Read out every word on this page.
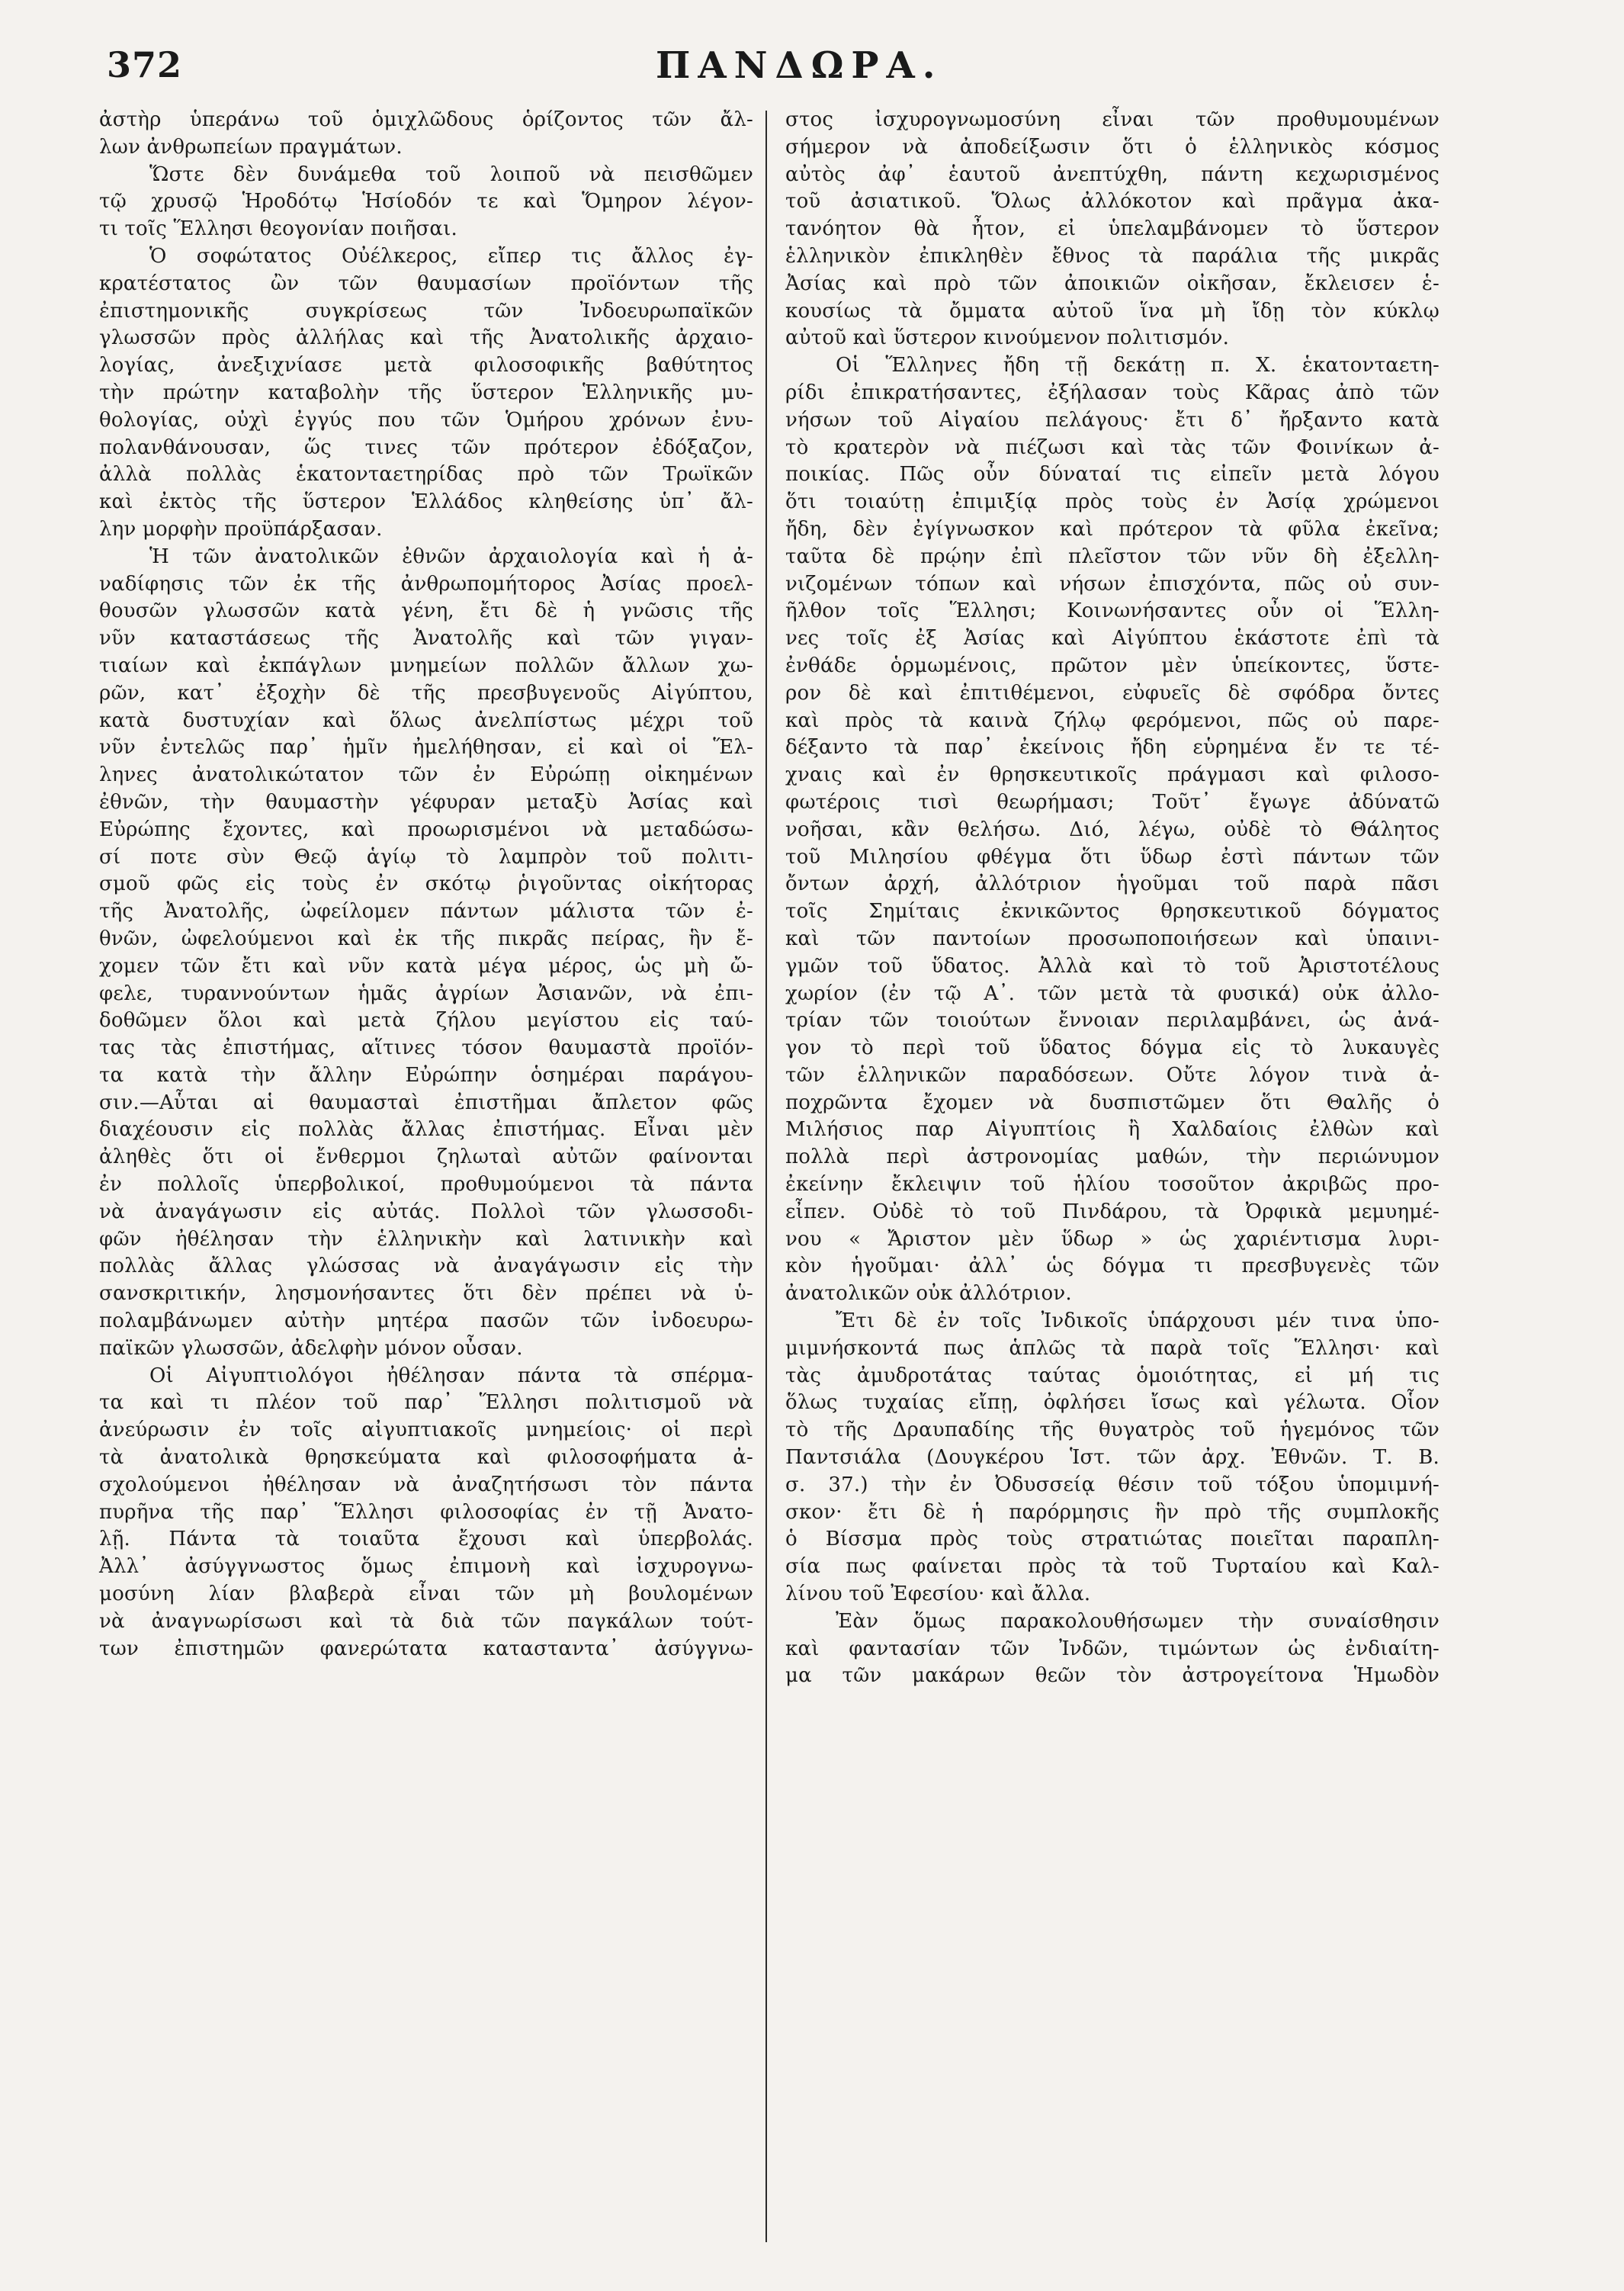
372	ΠΑΝΔΩΡΑ.
ἀστὴρ ὑπεράνω τοῦ ὁμιχλῶδους ὁρίζοντος τῶν ἄλ-
λων ἀνθρωπείων πραγμάτων.
Ὥστε δὲν δυνάμεθα τοῦ λοιποῦ νὰ πεισθῶμεν
τῷ χρυσῷ Ἡροδότῳ Ἡσίοδόν τε καὶ Ὅμηρον λέγον-
τι τοῖς Ἕλλησι θεογονίαν ποιῆσαι.
Ὁ σοφώτατος Οὐέλκερος, εἴπερ τις ἄλλος ἐγ-
κρατέστατος ὢν τῶν θαυμασίων προϊόντων τῆς
ἐπιστημονικῆς συγκρίσεως τῶν Ἰνδοευρωπαϊκῶν
γλωσσῶν πρὸς ἀλλήλας καὶ τῆς Ἀνατολικῆς ἀρχαιο-
λογίας, ἀνεξιχνίασε μετὰ φιλοσοφικῆς βαθύτητος
τὴν πρώτην καταβολὴν τῆς ὕστερον Ἑλληνικῆς μυ-
θολογίας, οὐχὶ ἐγγύς που τῶν Ὁμήρου χρόνων ἐνυ-
πολανθάνουσαν, ὥς τινες τῶν πρότερον ἐδόξαζον,
ἀλλὰ πολλὰς ἑκατονταετηρίδας πρὸ τῶν Τρωϊκῶν
καὶ ἐκτὸς τῆς ὕστερον Ἑλλάδος κληθείσης ὑπ᾽ ἄλ-
λην μορφὴν προϋπάρξασαν.
Ἡ τῶν ἀνατολικῶν ἐθνῶν ἀρχαιολογία καὶ ἡ ἀ-
ναδίφησις τῶν ἐκ τῆς ἀνθρωπομήτορος Ἀσίας προελ-
θουσῶν γλωσσῶν κατὰ γένη, ἔτι δὲ ἡ γνῶσις τῆς
νῦν καταστάσεως τῆς Ἀνατολῆς καὶ τῶν γιγαν-
τιαίων καὶ ἐκπάγλων μνημείων πολλῶν ἄλλων χω-
ρῶν, κατ᾽ ἐξοχὴν δὲ τῆς πρεσβυγενοῦς Αἰγύπτου,
κατὰ δυστυχίαν καὶ ὅλως ἀνελπίστως μέχρι τοῦ
νῦν ἐντελῶς παρ᾽ ἡμῖν ἠμελήθησαν, εἰ καὶ οἱ Ἕλ-
ληνες ἀνατολικώτατον τῶν ἐν Εὐρώπῃ οἰκημένων
ἐθνῶν, τὴν θαυμαστὴν γέφυραν μεταξὺ Ἀσίας καὶ
Εὐρώπης ἔχοντες, καὶ προωρισμένοι νὰ μεταδώσω-
σί ποτε σὺν Θεῷ ἁγίῳ τὸ λαμπρὸν τοῦ πολιτι-
σμοῦ φῶς εἰς τοὺς ἐν σκότῳ ῥιγοῦντας οἰκήτορας
τῆς Ἀνατολῆς, ὠφείλομεν πάντων μάλιστα τῶν ἐ-
θνῶν, ὠφελούμενοι καὶ ἐκ τῆς πικρᾶς πείρας, ἣν ἔ-
χομεν τῶν ἔτι καὶ νῦν κατὰ μέγα μέρος, ὡς μὴ ὤ-
φελε, τυραννούντων ἡμᾶς ἀγρίων Ἀσιανῶν, νὰ ἐπι-
δοθῶμεν ὅλοι καὶ μετὰ ζήλου μεγίστου εἰς ταύ-
τας τὰς ἐπιστήμας, αἵτινες τόσον θαυμαστὰ προϊόν-
τα κατὰ τὴν ἄλλην Εὐρώπην ὁσημέραι παράγου-
σιν.—Αὗται αἱ θαυμασταὶ ἐπιστῆμαι ἄπλετον φῶς
διαχέουσιν εἰς πολλὰς ἄλλας ἐπιστήμας. Εἶναι μὲν
ἀληθὲς ὅτι οἱ ἔνθερμοι ζηλωταὶ αὐτῶν φαίνονται
ἐν πολλοῖς ὑπερβολικοί, προθυμούμενοι τὰ πάντα
νὰ ἀναγάγωσιν εἰς αὐτάς. Πολλοὶ τῶν γλωσσοδι-
φῶν ἠθέλησαν τὴν ἑλληνικὴν καὶ λατινικὴν καὶ
πολλὰς ἄλλας γλώσσας νὰ ἀναγάγωσιν εἰς τὴν
σανσκριτικήν, λησμονήσαντες ὅτι δὲν πρέπει νὰ ὑ-
πολαμβάνωμεν αὐτὴν μητέρα πασῶν τῶν ἰνδοευρω-
παϊκῶν γλωσσῶν, ἀδελφὴν μόνον οὖσαν.
Οἱ Αἰγυπτιολόγοι ἠθέλησαν πάντα τὰ σπέρμα-
τα καὶ τι πλέον τοῦ παρ᾽ Ἕλλησι πολιτισμοῦ νὰ
ἀνεύρωσιν ἐν τοῖς αἰγυπτιακοῖς μνημείοις· οἱ περὶ
τὰ ἀνατολικὰ θρησκεύματα καὶ φιλοσοφήματα ἀ-
σχολούμενοι ἠθέλησαν νὰ ἀναζητήσωσι τὸν πάντα
πυρῆνα τῆς παρ᾽ Ἕλλησι φιλοσοφίας ἐν τῇ Ἀνατο-
λῇ. Πάντα τὰ τοιαῦτα ἔχουσι καὶ ὑπερβολάς.
Ἀλλ᾽ ἀσύγγνωστος ὅμως ἐπιμονὴ καὶ ἰσχυρογνω-
μοσύνη λίαν βλαβερὰ εἶναι τῶν μὴ βουλομένων
νὰ ἀναγνωρίσωσι καὶ τὰ διὰ τῶν παγκάλων τούτ-
των ἐπιστημῶν φανερώτατα κατασταντα᾽ ἀσύγγνω-
στος ἰσχυρογνωμοσύνη εἶναι τῶν προθυμουμένων
σήμερον νὰ ἀποδείξωσιν ὅτι ὁ ἑλληνικὸς κόσμος
αὐτὸς ἀφ᾽ ἑαυτοῦ ἀνεπτύχθη, πάντη κεχωρισμένος
τοῦ ἀσιατικοῦ. Ὅλως ἀλλόκοτον καὶ πρᾶγμα ἀκα-
τανόητον θὰ ἦτον, εἰ ὑπελαμβάνομεν τὸ ὕστερον
ἑλληνικὸν ἐπικληθὲν ἔθνος τὰ παράλια τῆς μικρᾶς
Ἀσίας καὶ πρὸ τῶν ἀποικιῶν οἰκῆσαν, ἔκλεισεν ἑ-
κουσίως τὰ ὄμματα αὐτοῦ ἵνα μὴ ἴδῃ τὸν κύκλῳ
αὐτοῦ καὶ ὕστερον κινούμενον πολιτισμόν.
Οἱ Ἕλληνες ἤδη τῇ δεκάτῃ π. Χ. ἑκατονταετη-
ρίδι ἐπικρατήσαντες, ἐξήλασαν τοὺς Κᾶρας ἀπὸ τῶν
νήσων τοῦ Αἰγαίου πελάγους· ἔτι δ᾽ ἤρξαντο κατὰ
τὸ κρατερὸν νὰ πιέζωσι καὶ τὰς τῶν Φοινίκων ἀ-
ποικίας. Πῶς οὖν δύναταί τις εἰπεῖν μετὰ λόγου
ὅτι τοιαύτῃ ἐπιμιξίᾳ πρὸς τοὺς ἐν Ἀσίᾳ χρώμενοι
ἤδη, δὲν ἐγίγνωσκον καὶ πρότερον τὰ φῦλα ἐκεῖνα;
ταῦτα δὲ πρῴην ἐπὶ πλεῖστον τῶν νῦν δὴ ἐξελλη-
νιζομένων τόπων καὶ νήσων ἐπισχόντα, πῶς οὐ συν-
ῆλθον τοῖς Ἕλλησι; Κοινωνήσαντες οὖν οἱ Ἕλλη-
νες τοῖς ἐξ Ἀσίας καὶ Αἰγύπτου ἑκάστοτε ἐπὶ τὰ
ἐνθάδε ὁρμωμένοις, πρῶτον μὲν ὑπείκοντες, ὕστε-
ρον δὲ καὶ ἐπιτιθέμενοι, εὐφυεῖς δὲ σφόδρα ὄντες
καὶ πρὸς τὰ καινὰ ζήλῳ φερόμενοι, πῶς οὐ παρε-
δέξαντο τὰ παρ᾽ ἐκείνοις ἤδη εὑρημένα ἔν τε τέ-
χναις καὶ ἐν θρησκευτικοῖς πράγμασι καὶ φιλοσο-
φωτέροις τισὶ θεωρήμασι; Τοῦτ᾽ ἔγωγε ἀδύνατῶ
νοῆσαι, κἂν θελήσω. Διό, λέγω, οὐδὲ τὸ Θάλητος
τοῦ Μιλησίου φθέγμα ὅτι ὕδωρ ἐστὶ πάντων τῶν
ὄντων ἀρχή, ἀλλότριον ἡγοῦμαι τοῦ παρὰ πᾶσι
τοῖς Σημίταις ἐκνικῶντος θρησκευτικοῦ δόγματος
καὶ τῶν παντοίων προσωποποιήσεων καὶ ὑπαινι-
γμῶν τοῦ ὕδατος. Ἀλλὰ καὶ τὸ τοῦ Ἀριστοτέλους
χωρίον (ἐν τῷ Α᾽. τῶν μετὰ τὰ φυσικά) οὐκ ἀλλο-
τρίαν τῶν τοιούτων ἔννοιαν περιλαμβάνει, ὡς ἀνά-
γον τὸ περὶ τοῦ ὕδατος δόγμα εἰς τὸ λυκαυγὲς
τῶν ἑλληνικῶν παραδόσεων. Οὔτε λόγον τινὰ ἀ-
ποχρῶντα ἔχομεν νὰ δυσπιστῶμεν ὅτι Θαλῆς ὁ
Μιλήσιος παρ Αἰγυπτίοις ἢ Χαλδαίοις ἐλθὼν καὶ
πολλὰ περὶ ἀστρονομίας μαθών, τὴν περιώνυμον
ἐκείνην ἔκλειψιν τοῦ ἡλίου τοσοῦτον ἀκριβῶς προ-
εἶπεν. Οὐδὲ τὸ τοῦ Πινδάρου, τὰ Ὀρφικὰ μεμυημέ-
νου « Ἄριστον μὲν ὕδωρ » ὡς χαριέντισμα λυρι-
κὸν ἡγοῦμαι· ἀλλ᾽ ὡς δόγμα τι πρεσβυγενὲς τῶν
ἀνατολικῶν οὐκ ἀλλότριον.
Ἔτι δὲ ἐν τοῖς Ἰνδικοῖς ὑπάρχουσι μέν τινα ὑπο-
μιμνήσκοντά πως ἁπλῶς τὰ παρὰ τοῖς Ἕλλησι· καὶ
τὰς ἀμυδροτάτας ταύτας ὁμοιότητας, εἰ μή τις
ὅλως τυχαίας εἴπῃ, ὀφλήσει ἴσως καὶ γέλωτα. Οἷον
τὸ τῆς Δραυπαδίης τῆς θυγατρὸς τοῦ ἡγεμόνος τῶν
Παντσιάλα (Δουγκέρου Ἱστ. τῶν ἀρχ. Ἐθνῶν. Τ. Β.
σ. 37.) τὴν ἐν Ὀδυσσείᾳ θέσιν τοῦ τόξου ὑπομιμνή-
σκον· ἔτι δὲ ἡ παρόρμησις ἣν πρὸ τῆς συμπλοκῆς
ὁ Βίσσμα πρὸς τοὺς στρατιώτας ποιεῖται παραπλη-
σία πως φαίνεται πρὸς τὰ τοῦ Τυρταίου καὶ Καλ-
λίνου τοῦ Ἐφεσίου· καὶ ἄλλα.
Ἐὰν ὅμως παρακολουθήσωμεν τὴν συναίσθησιν
καὶ φαντασίαν τῶν Ἰνδῶν, τιμώντων ὡς ἐνδιαίτη-
μα τῶν μακάρων θεῶν τὸν ἀστρογείτονα Ἡμωδὸν
